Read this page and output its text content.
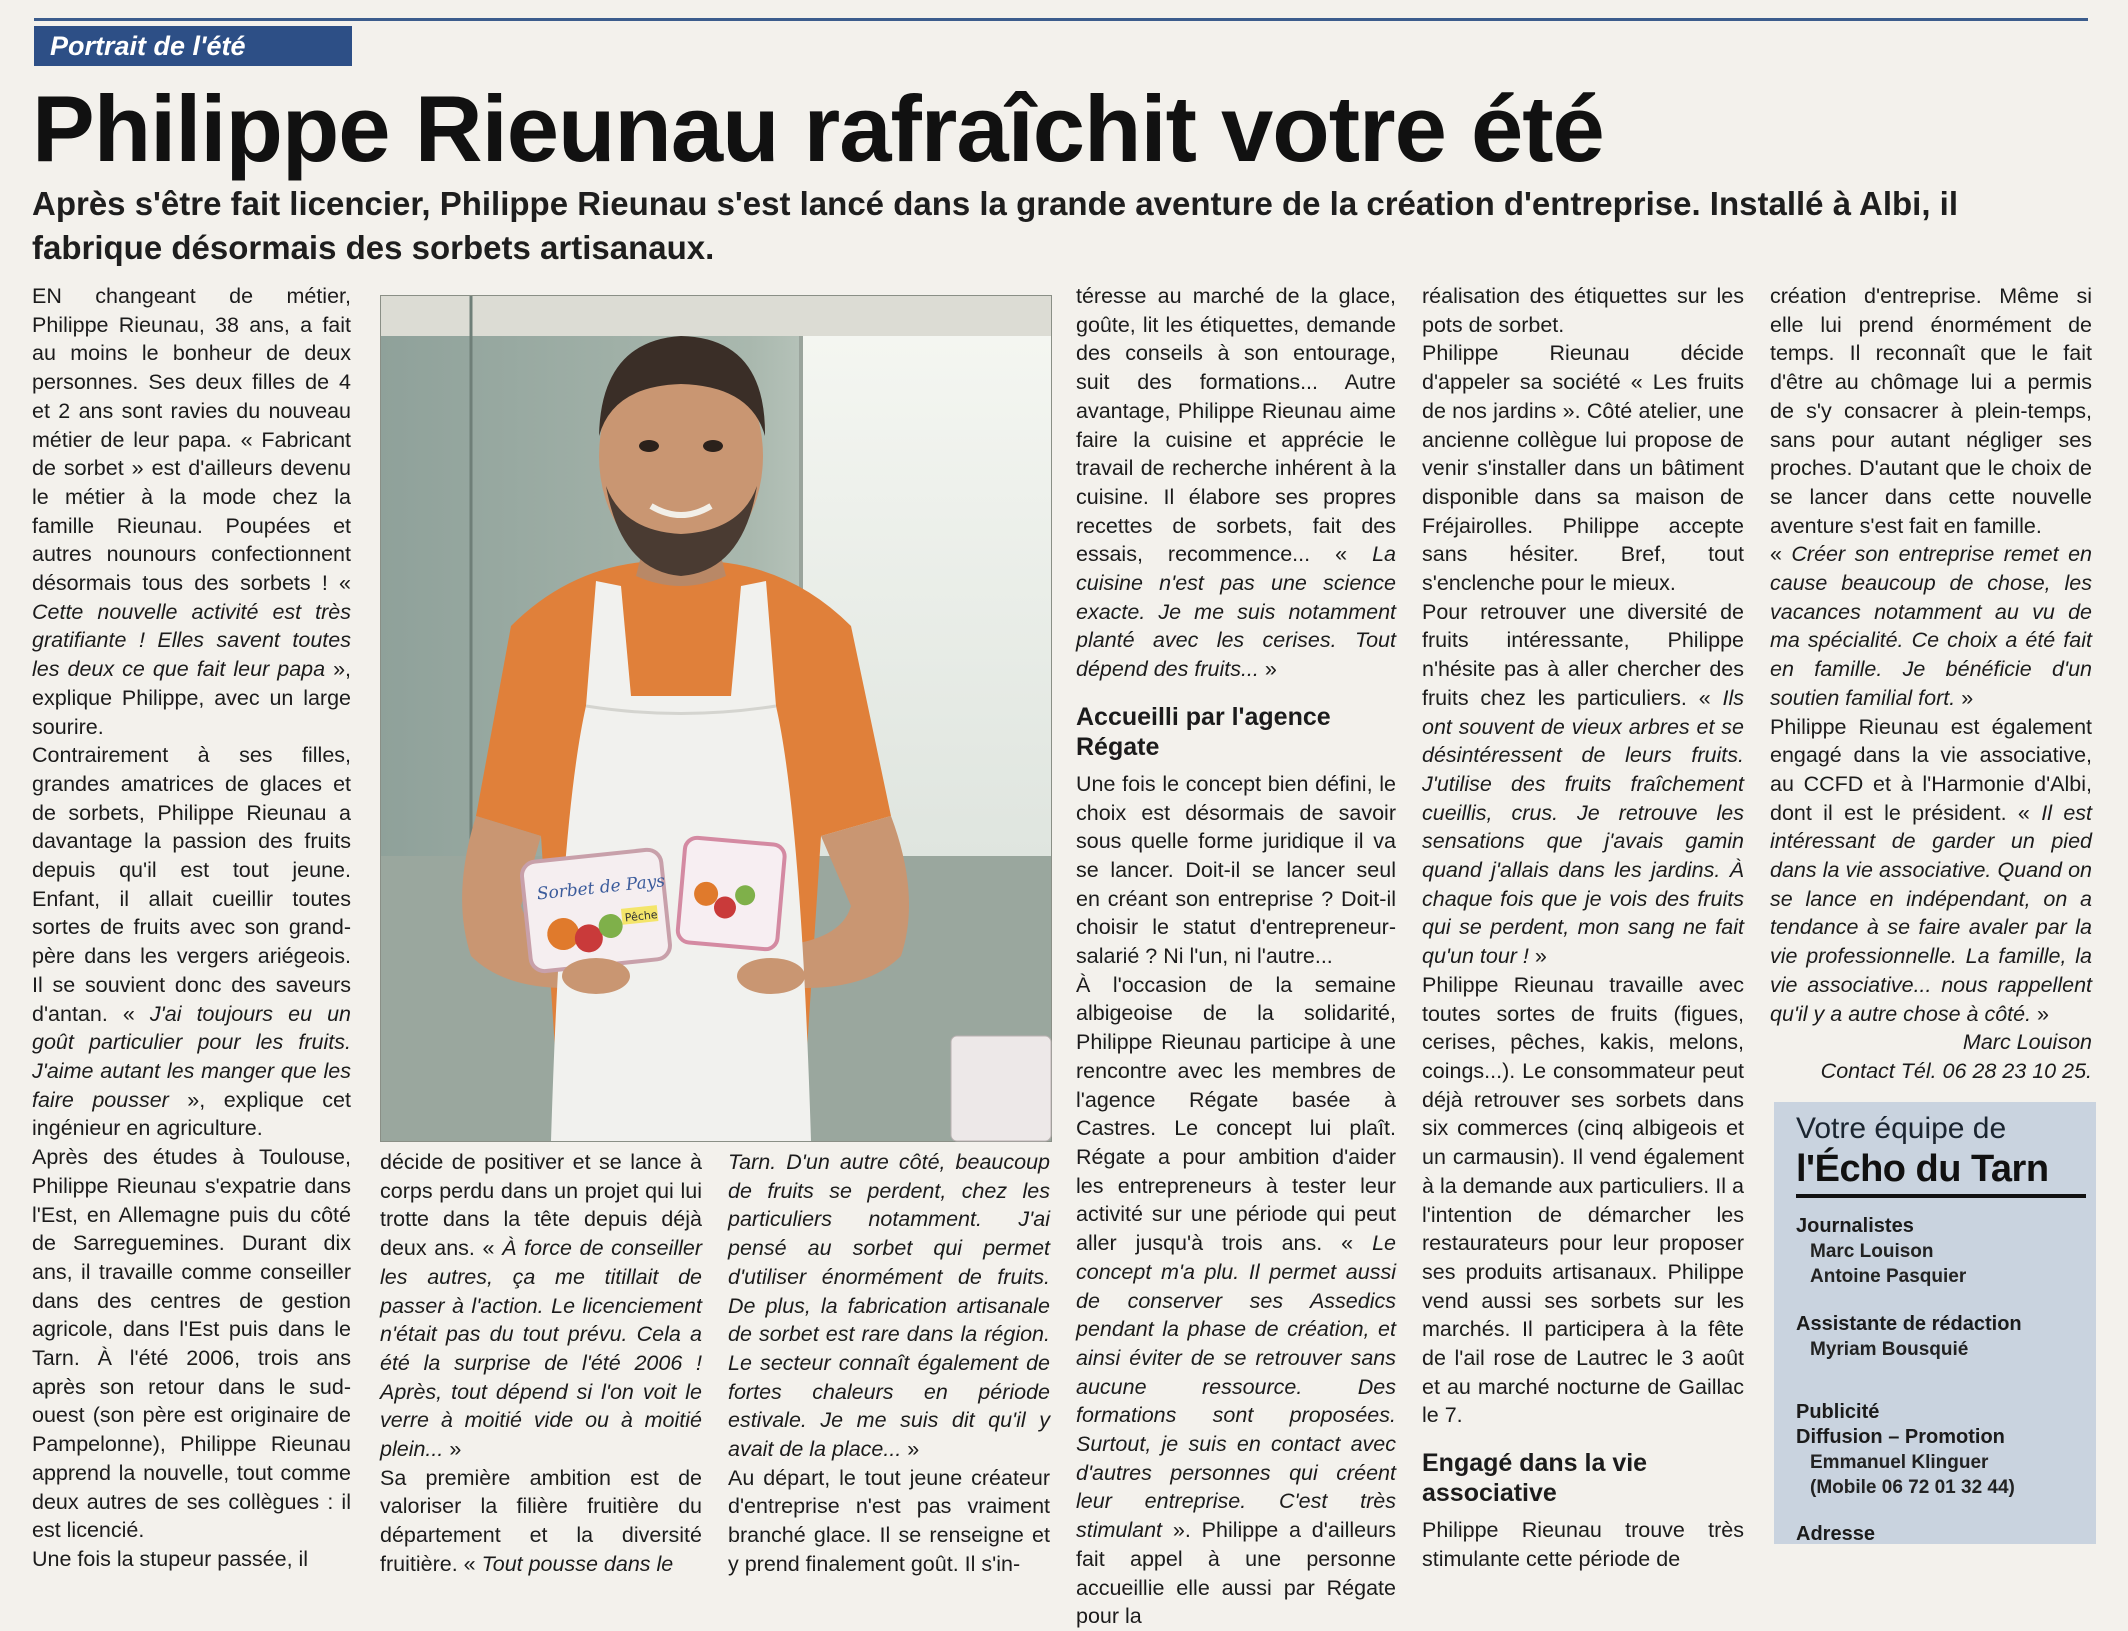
Portrait de l'été
Philippe Rieunau rafraîchit votre été
Après s'être fait licencier, Philippe Rieunau s'est lancé dans la grande aventure de la création d'entreprise. Installé à Albi, il fabrique désormais des sorbets artisanaux.

EN changeant de métier, Philippe Rieunau, 38 ans, a fait au moins le bonheur de deux personnes. Ses deux filles de 4 et 2 ans sont ravies du nouveau métier de leur papa. « Fabricant de sorbet » est d'ailleurs devenu le métier à la mode chez la famille Rieunau. Poupées et autres nounours confectionnent désormais tous des sorbets ! « Cette nouvelle activité est très gratifiante ! Elles savent toutes les deux ce que fait leur papa », explique Philippe, avec un large sourire.

Contrairement à ses filles, grandes amatrices de glaces et de sorbets, Philippe Rieunau a davantage la passion des fruits depuis qu'il est tout jeune. Enfant, il allait cueillir toutes sortes de fruits avec son grand-père dans les vergers ariégeois. Il se souvient donc des saveurs d'antan. « J'ai toujours eu un goût particulier pour les fruits. J'aime autant les manger que les faire pousser », explique cet ingénieur en agriculture.

Après des études à Toulouse, Philippe Rieunau s'expatrie dans l'Est, en Allemagne puis du côté de Sarreguemines. Durant dix ans, il travaille comme conseiller dans des centres de gestion agricole, dans l'Est puis dans le Tarn. À l'été 2006, trois ans après son retour dans le sud-ouest (son père est originaire de Pampelonne), Philippe Rieunau apprend la nouvelle, tout comme deux autres de ses collègues : il est licencié.

Une fois la stupeur passée, il

Sorbet de Pays
Pêche

décide de positiver et se lance à corps perdu dans un projet qui lui trotte dans la tête depuis déjà deux ans. « À force de conseiller les autres, ça me titillait de passer à l'action. Le licenciement n'était pas du tout prévu. Cela a été la surprise de l'été 2006 ! Après, tout dépend si l'on voit le verre à moitié vide ou à moitié plein... »

Sa première ambition est de valoriser la filière fruitière du département et la diversité fruitière. « Tout pousse dans le

Tarn. D'un autre côté, beaucoup de fruits se perdent, chez les particuliers notamment. J'ai pensé au sorbet qui permet d'utiliser énormément de fruits. De plus, la fabrication artisanale de sorbet est rare dans la région. Le secteur connaît également de fortes chaleurs en période estivale. Je me suis dit qu'il y avait de la place... »

Au départ, le tout jeune créateur d'entreprise n'est pas vraiment branché glace. Il se renseigne et y prend finalement goût. Il s'in-

téresse au marché de la glace, goûte, lit les étiquettes, demande des conseils à son entourage, suit des formations... Autre avantage, Philippe Rieunau aime faire la cuisine et apprécie le travail de recherche inhérent à la cuisine. Il élabore ses propres recettes de sorbets, fait des essais, recommence... « La cuisine n'est pas une science exacte. Je me suis notamment planté avec les cerises. Tout dépend des fruits... »

Accueilli par l'agence Régate

Une fois le concept bien défini, le choix est désormais de savoir sous quelle forme juridique il va se lancer. Doit-il se lancer seul en créant son entreprise ? Doit-il choisir le statut d'entrepreneur-salarié ? Ni l'un, ni l'autre...

À l'occasion de la semaine albigeoise de la solidarité, Philippe Rieunau participe à une rencontre avec les membres de l'agence Régate basée à Castres. Le concept lui plaît. Régate a pour ambition d'aider les entrepreneurs à tester leur activité sur une période qui peut aller jusqu'à trois ans. « Le concept m'a plu. Il permet aussi de conserver ses Assedics pendant la phase de création, et ainsi éviter de se retrouver sans aucune ressource. Des formations sont proposées. Surtout, je suis en contact avec d'autres personnes qui créent leur entreprise. C'est très stimulant ». Philippe a d'ailleurs fait appel à une personne accueillie elle aussi par Régate pour la

réalisation des étiquettes sur les pots de sorbet.

Philippe Rieunau décide d'appeler sa société « Les fruits de nos jardins ». Côté atelier, une ancienne collègue lui propose de venir s'installer dans un bâtiment disponible dans sa maison de Fréjairolles. Philippe accepte sans hésiter. Bref, tout s'enclenche pour le mieux.

Pour retrouver une diversité de fruits intéressante, Philippe n'hésite pas à aller chercher des fruits chez les particuliers. « Ils ont souvent de vieux arbres et se désintéressent de leurs fruits. J'utilise des fruits fraîchement cueillis, crus. Je retrouve les sensations que j'avais gamin quand j'allais dans les jardins. À chaque fois que je vois des fruits qui se perdent, mon sang ne fait qu'un tour ! »

Philippe Rieunau travaille avec toutes sortes de fruits (figues, cerises, pêches, kakis, melons, coings...). Le consommateur peut déjà retrouver ses sorbets dans six commerces (cinq albigeois et un carmausin). Il vend également à la demande aux particuliers. Il a l'intention de démarcher les restaurateurs pour leur proposer ses produits artisanaux. Philippe vend aussi ses sorbets sur les marchés. Il participera à la fête de l'ail rose de Lautrec le 3 août et au marché nocturne de Gaillac le 7.

Engagé dans la vie associative

Philippe Rieunau trouve très stimulante cette période de

création d'entreprise. Même si elle lui prend énormément de temps. Il reconnaît que le fait d'être au chômage lui a permis de s'y consacrer à plein-temps, sans pour autant négliger ses proches. D'autant que le choix de se lancer dans cette nouvelle aventure s'est fait en famille.

« Créer son entreprise remet en cause beaucoup de chose, les vacances notamment au vu de ma spécialité. Ce choix a été fait en famille. Je bénéficie d'un soutien familial fort. »

Philippe Rieunau est également engagé dans la vie associative, au CCFD et à l'Harmonie d'Albi, dont il est le président. « Il est intéressant de garder un pied dans la vie associative. Quand on se lance en indépendant, on a tendance à se faire avaler par la vie professionnelle. La famille, la vie associative... nous rappellent qu'il y a autre chose à côté. »

Marc Louison

Contact Tél. 06 28 23 10 25.

Votre équipe de
l'Écho du Tarn
Journalistes
Marc Louison
Antoine Pasquier
Assistante de rédaction
Myriam Bousquié
Publicité
Diffusion – Promotion
Emmanuel Klinguer
(Mobile 06 72 01 32 44)
Adresse
